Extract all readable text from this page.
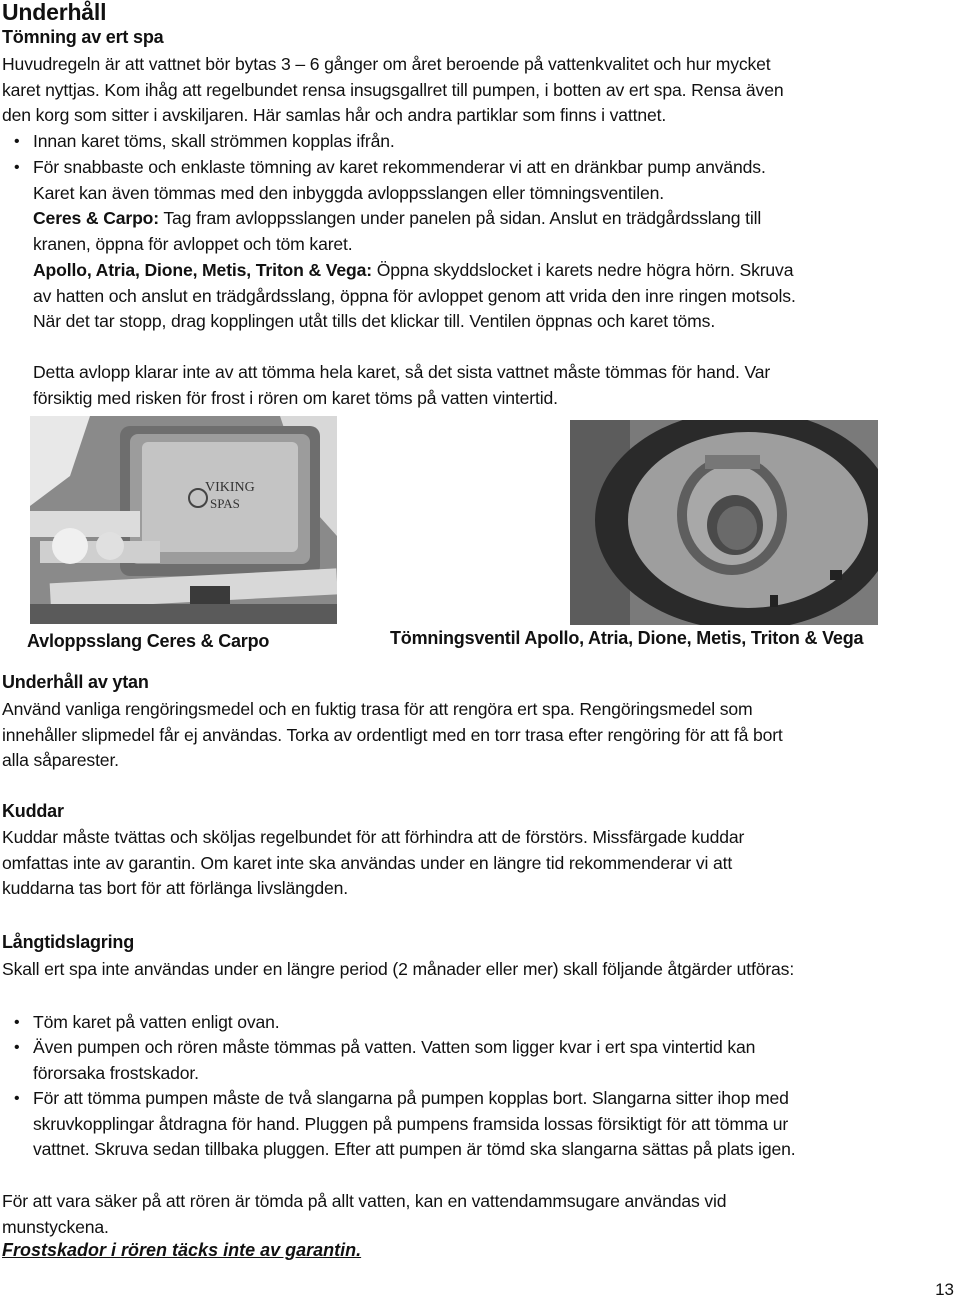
Underhåll
Tömning av ert spa
Huvudregeln är att vattnet bör bytas 3 – 6 gånger om året beroende på vattenkvalitet och hur mycket
karet nyttjas. Kom ihåg att regelbundet rensa insugsgallret till pumpen, i botten av ert spa. Rensa även
den korg som sitter i avskiljaren. Här samlas hår och andra partiklar som finns i vattnet.
• Innan karet töms, skall strömmen kopplas ifrån.
• För snabbaste och enklaste tömning av karet rekommenderar vi att en dränkbar pump används.
Karet kan även tömmas med den inbyggda avloppsslangen eller tömningsventilen.
Ceres & Carpo: Tag fram avloppsslangen under panelen på sidan. Anslut en trädgårdsslang till
kranen, öppna för avloppet och töm karet.
Apollo, Atria, Dione, Metis, Triton & Vega: Öppna skyddslocket i karets nedre högra hörn. Skruva
av hatten och anslut en trädgårdsslang, öppna för avloppet genom att vrida den inre ringen motsols.
När det tar stopp, drag kopplingen utåt tills det klickar till. Ventilen öppnas och karet töms.
Detta avlopp klarar inte av att tömma hela karet, så det sista vattnet måste tömmas för hand. Var
försiktig med risken för frost i rören om karet töms på vatten vintertid.
VIKING
SPAS
Avloppsslang Ceres & Carpo	Tömningsventil Apollo, Atria, Dione, Metis, Triton & Vega
Underhåll av ytan
Använd vanliga rengöringsmedel och en fuktig trasa för att rengöra ert spa. Rengöringsmedel som
innehåller slipmedel får ej användas. Torka av ordentligt med en torr trasa efter rengöring för att få bort
alla såparester.
Kuddar
Kuddar måste tvättas och sköljas regelbundet för att förhindra att de förstörs. Missfärgade kuddar
omfattas inte av garantin. Om karet inte ska användas under en längre tid rekommenderar vi att
kuddarna tas bort för att förlänga livslängden.
Långtidslagring
Skall ert spa inte användas under en längre period (2 månader eller mer) skall följande åtgärder utföras:
• Töm karet på vatten enligt ovan.
• Även pumpen och rören måste tömmas på vatten. Vatten som ligger kvar i ert spa vintertid kan
förorsaka frostskador.
• För att tömma pumpen måste de två slangarna på pumpen kopplas bort. Slangarna sitter ihop med
skruvkopplingar åtdragna för hand. Pluggen på pumpens framsida lossas försiktigt för att tömma ur
vattnet. Skruva sedan tillbaka pluggen. Efter att pumpen är tömd ska slangarna sättas på plats igen.
För att vara säker på att rören är tömda på allt vatten, kan en vattendammsugare användas vid
munstyckena.
Frostskador i rören täcks inte av garantin.
13
